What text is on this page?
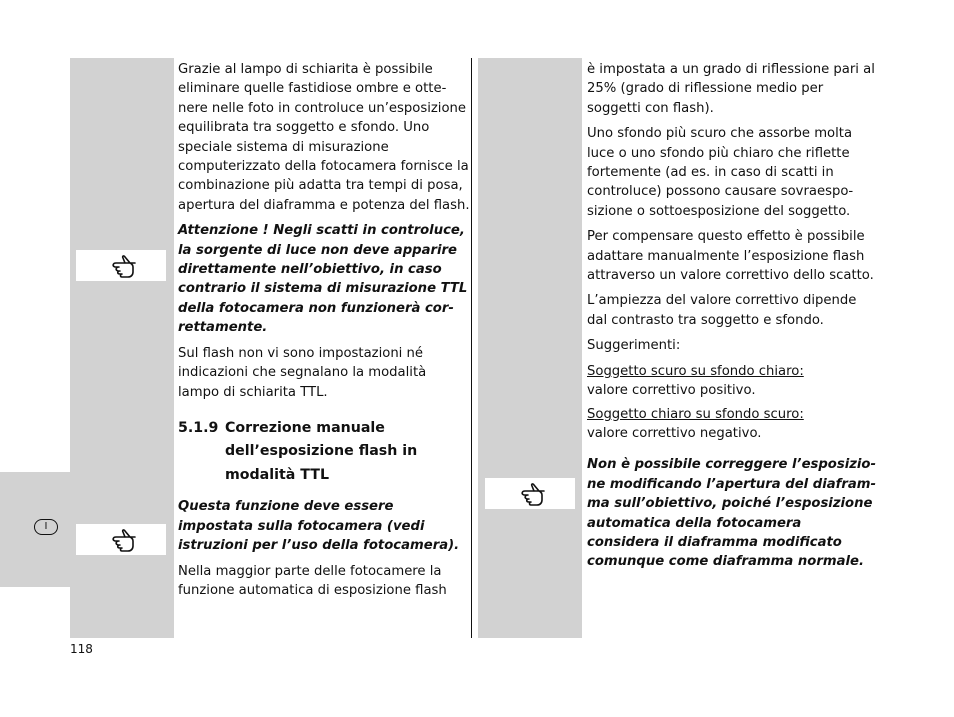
I

Grazie al lampo di schiarita è possibile eliminare quelle fastidiose ombre e ottenere nelle foto in controluce un’esposizione equilibrata tra soggetto e sfondo. Uno speciale sistema di misurazione computerizzato della fotocamera fornisce la combinazione più adatta tra tempi di posa, apertura del diaframma e potenza del flash.

Attenzione ! Negli scatti in controluce, la sorgente di luce non deve apparire direttamente nell’obiettivo, in caso contrario il sistema di misurazione TTL della fotocamera non funzionerà correttamente.

Sul flash non vi sono impostazioni né indicazioni che segnalano la modalità lampo di schiarita TTL.

5.1.9 Correzione manuale dell’esposizione flash in modalità TTL

Questa funzione deve essere impostata sulla fotocamera (vedi istruzioni per l’uso della fotocamera).

Nella maggior parte delle fotocamere la funzione automatica di esposizione flash

è impostata a un grado di riflessione pari al 25% (grado di riflessione medio per soggetti con flash).

Uno sfondo più scuro che assorbe molta luce o uno sfondo più chiaro che riflette fortemente (ad es. in caso di scatti in controluce) possono causare sovraesposizione o sottoesposizione del soggetto.

Per compensare questo effetto è possibile adattare manualmente l’esposizione flash attraverso un valore correttivo dello scatto.

L’ampiezza del valore correttivo dipende dal contrasto tra soggetto e sfondo.

Suggerimenti:

Soggetto scuro su sfondo chiaro:
valore correttivo positivo.

Soggetto chiaro su sfondo scuro:
valore correttivo negativo.

Non è possibile correggere l’esposizione modificando l’apertura del diaframma sull’obiettivo, poiché l’esposizione automatica della fotocamera considera il diaframma modificato comunque come diaframma normale.

118
